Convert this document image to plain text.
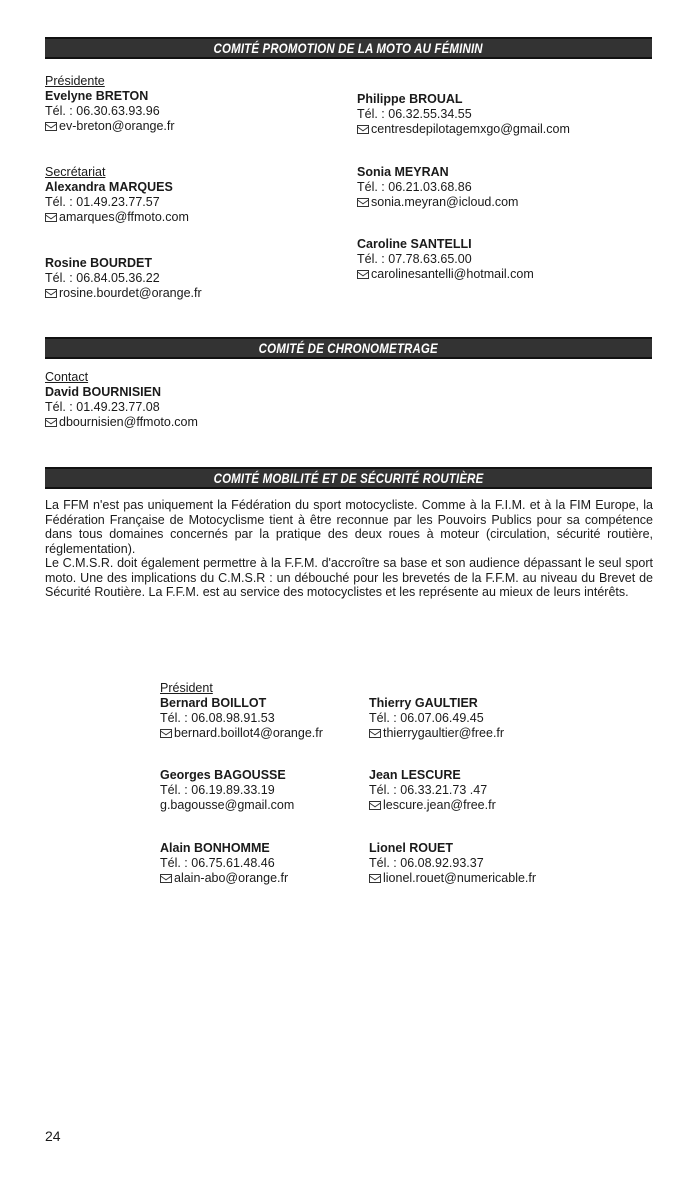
COMITÉ PROMOTION DE LA MOTO AU FÉMININ
Présidente
Evelyne BRETON
Tél. : 06.30.63.93.96
ev-breton@orange.fr
Secrétariat
Alexandra MARQUES
Tél. : 01.49.23.77.57
amarques@ffmoto.com
Rosine BOURDET
Tél. : 06.84.05.36.22
rosine.bourdet@orange.fr
Philippe BROUAL
Tél. : 06.32.55.34.55
centresdepilotagemxgo@gmail.com
Sonia MEYRAN
Tél. : 06.21.03.68.86
sonia.meyran@icloud.com
Caroline SANTELLI
Tél. : 07.78.63.65.00
carolinesantelli@hotmail.com
COMITÉ DE CHRONOMETRAGE
Contact
David BOURNISIEN
Tél. : 01.49.23.77.08
dbournisien@ffmoto.com
COMITÉ MOBILITÉ ET DE SÉCURITÉ ROUTIÈRE

La FFM n'est pas uniquement la Fédération du sport motocycliste. Comme à la F.I.M. et à la FIM Europe, la Fédération Française de Motocyclisme tient à être reconnue par les Pouvoirs Publics pour sa compétence dans tous domaines concernés par la pratique des deux roues à moteur (circulation, sécurité routière, réglementation).

Le C.M.S.R. doit également permettre à la F.F.M. d'accroître sa base et son audience dépassant le seul sport moto. Une des implications du C.M.S.R : un débouché pour les brevetés de la F.F.M. au niveau du Brevet de Sécurité Routière. La F.F.M. est au service des motocyclistes et les représente au mieux de leurs intérêts.

Président
Bernard BOILLOT
Tél. : 06.08.98.91.53
bernard.boillot4@orange.fr
Georges BAGOUSSE
Tél. : 06.19.89.33.19
g.bagousse@gmail.com
Alain BONHOMME
Tél. : 06.75.61.48.46
alain-abo@orange.fr
Thierry GAULTIER
Tél. : 06.07.06.49.45
thierrygaultier@free.fr
Jean LESCURE
Tél. : 06.33.21.73 .47
lescure.jean@free.fr
Lionel ROUET
Tél. : 06.08.92.93.37
lionel.rouet@numericable.fr
24
